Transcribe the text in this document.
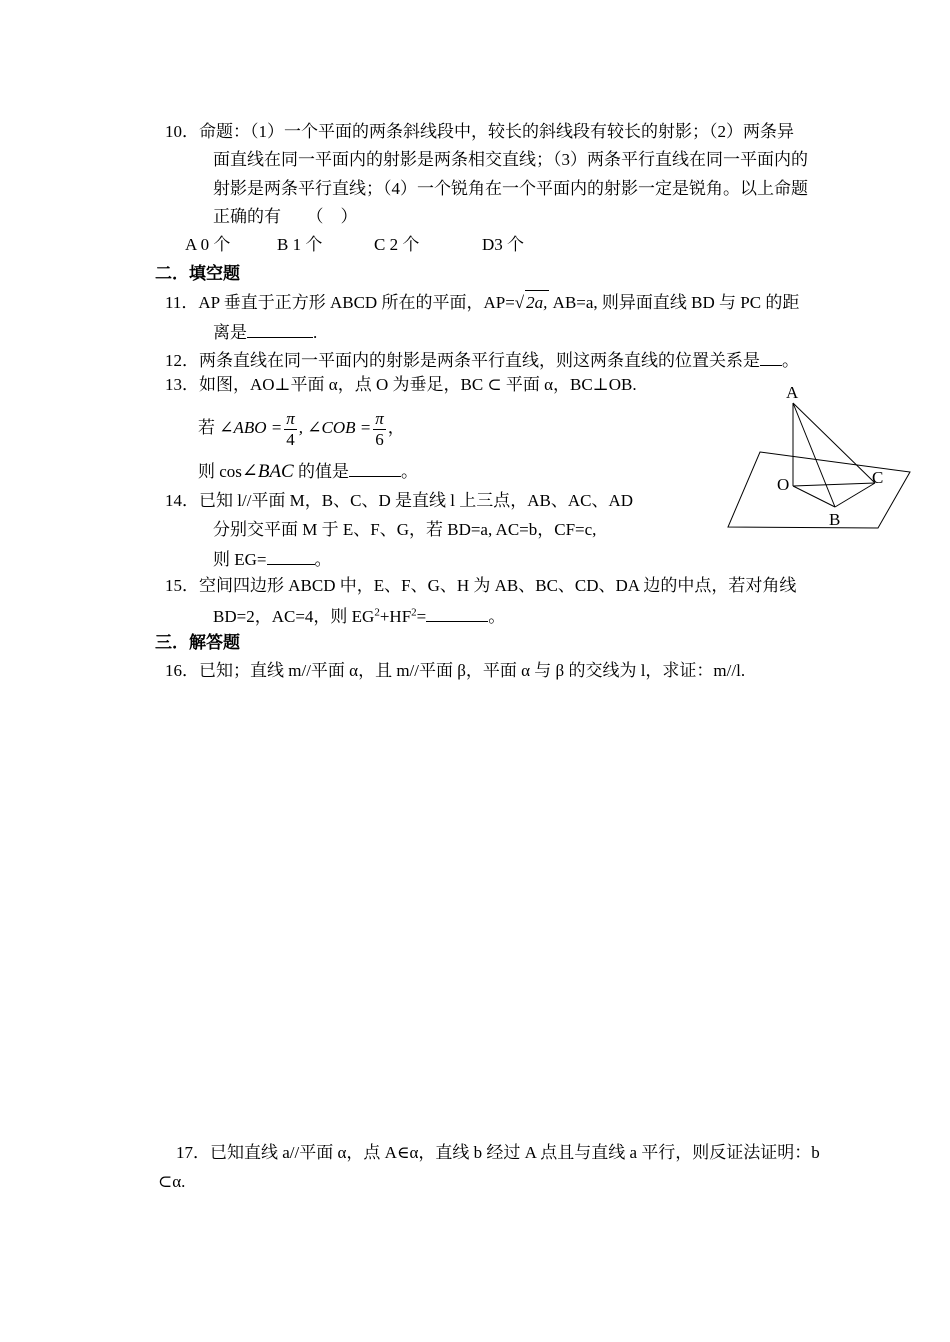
10．命题：（1）一个平面的两条斜线段中，较长的斜线段有较长的射影；（2）两条异
面直线在同一平面内的射影是两条相交直线；（3）两条平行直线在同一平面内的
射影是两条平行直线；（4）一个锐角在一个平面内的射影一定是锐角。以上命题
正确的有　　（　）
A 0 个	B 1 个	C 2 个	D3 个
二．填空题
11．AP 垂直于正方形 ABCD 所在的平面，AP=√ 2a, AB=a, 则异面直线 BD 与 PC 的距
离是	.
12．两条直线在同一平面内的射影是两条平行直线，则这两条直线的位置关系是 。
13．如图，AO⊥平面 α，点 O 为垂足，BC ⊂ 平面 α，BC⊥OB.
若 ∠ABO = $\frac{\pi}{4}$ , ∠COB = $\frac{\pi}{6}$ ，
则 cos∠BAC 的值是	。
A
O	C
B
14．已知 l//平面 M，B、C、D 是直线 l 上三点，AB、AC、AD
分别交平面 M 于 E、F、G，若 BD=a, AC=b，CF=c,
则 EG=	。
15．空间四边形 ABCD 中，E、F、G、H 为 AB、BC、CD、DA 边的中点，若对角线
BD=2，AC=4，则 $EG^2+HF^2=$	。
三．解答题
16．已知；直线 m//平面 α，且 m//平面 β，平面 α 与 β 的交线为 l，求证：m//l.
17．已知直线 a//平面 α，点 A∈α，直线 b 经过 A 点且与直线 a 平行，则反证法证明：b
⊂α.
